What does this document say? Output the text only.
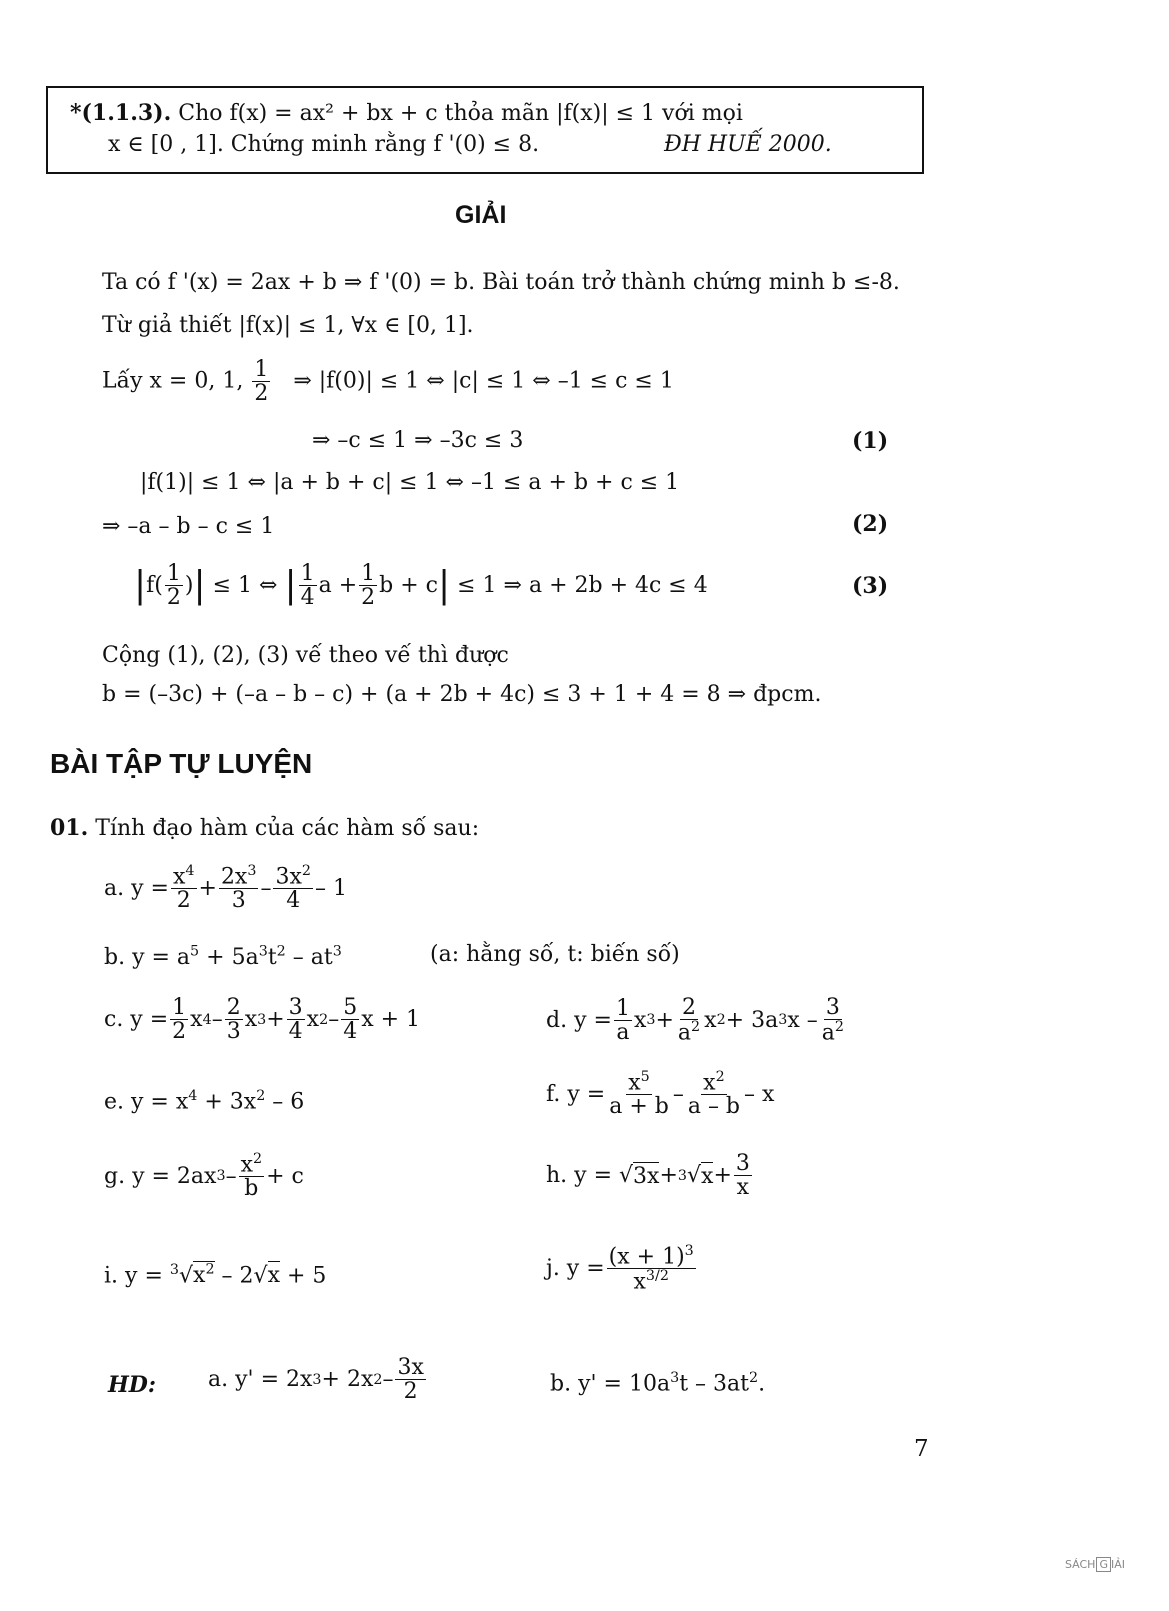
*(1.1.3). Cho f(x) = ax² + bx + c thỏa mãn |f(x)| ≤ 1 với mọi
x ∈ [0 , 1]. Chứng minh rằng f '(0) ≤ 8.	ĐH HUẾ 2000.
GIẢI
Ta có f '(x) = 2ax + b ⇒ f '(0) = b. Bài toán trở thành chứng minh b ≤-8.
Từ giả thiết |f(x)| ≤ 1, ∀x ∈ [0, 1].
Lấy x = 0, 1, $\frac{1}{2}$ ⇒ |f(0)| ≤ 1 ⇔ |c| ≤ 1 ⇔ –1 ≤ c ≤ 1
⇒ –c ≤ 1 ⇒ –3c ≤ 3	(1)
|f(1)| ≤ 1 ⇔ |a + b + c| ≤ 1 ⇔ –1 ≤ a + b + c ≤ 1
⇒ –a – b – c ≤ 1	(2)
| $f( \frac{1}{2}$ ) | ≤ 1 ⇔ | $\frac{1}{4}$ $a + \frac{1}{2}$ b + c |
≤ 1 ⇒ a + 2b + 4c ≤ 4	(3)
Cộng (1), (2), (3) vế theo vế thì được
b = (–3c) + (–a – b – c) + (a + 2b + 4c) ≤ 3 + 1 + 4 = 8 ⇒ đpcm.
BÀI TẬP TỰ LUYỆN
01. Tính đạo hàm của các hàm số sau:
a. $y = \frac{x^4}{2} + \frac{2x^3}{3} - \frac{3x^2}{4} - 1$
b. $y = a^5 + 5a^3t^2 - at^3$	(a: hằng số, t: biến số)
c. $y = \frac{1}{2}$ x $4 - \frac{2}{3}$ x $3 + \frac{3}{4}$ x $2 - \frac{5}{4}$ x + 1	d. $y = \frac{1}{a}$ x $3 + \frac{2}{a^2}$ x 2 + 3a 3 x – $\frac{3}{a^2}$
e. $y = x^4 + 3x^2 - 6$	f. $y = \frac{x^5}{a + b} - \frac{x^2}{a - b} - x$
g. y = 2ax $3 - \frac{x^2}{b} + c$	h. y = √ 3x + 3 √ $x + \frac{3}{x}$
i. $y = ^3√x^2 - 2√x + 5$	j. $y = \frac{(x + 1)^3}{x^{3/2}}$
HD: a. y' = 2x 3 + 2x $2 - \frac{3x}{2}$	b. $y' = 10a^3t - 3at^2$.
7
SÁCH G IẢI
